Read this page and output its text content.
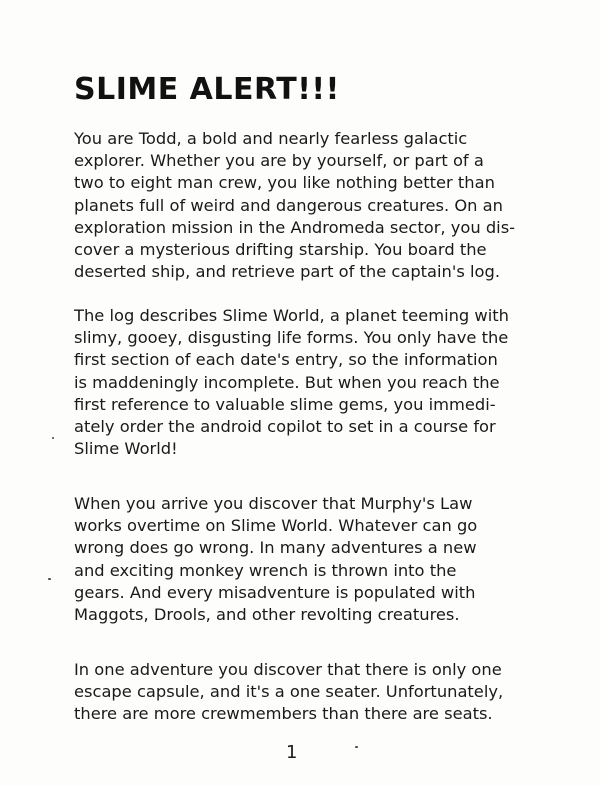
SLIME ALERT!!!

You are Todd, a bold and nearly fearless galactic
explorer. Whether you are by yourself, or part of a
two to eight man crew, you like nothing better than
planets full of weird and dangerous creatures. On an
exploration mission in the Andromeda sector, you dis-
cover a mysterious drifting starship. You board the
deserted ship, and retrieve part of the captain's log.

The log describes Slime World, a planet teeming with
slimy, gooey, disgusting life forms. You only have the
first section of each date's entry, so the information
is maddeningly incomplete. But when you reach the
first reference to valuable slime gems, you immedi-
ately order the android copilot to set in a course for
Slime World!

When you arrive you discover that Murphy's Law
works overtime on Slime World. Whatever can go
wrong does go wrong. In many adventures a new
and exciting monkey wrench is thrown into the
gears. And every misadventure is populated with
Maggots, Drools, and other revolting creatures.

In one adventure you discover that there is only one
escape capsule, and it's a one seater. Unfortunately,
there are more crewmembers than there are seats.

1
